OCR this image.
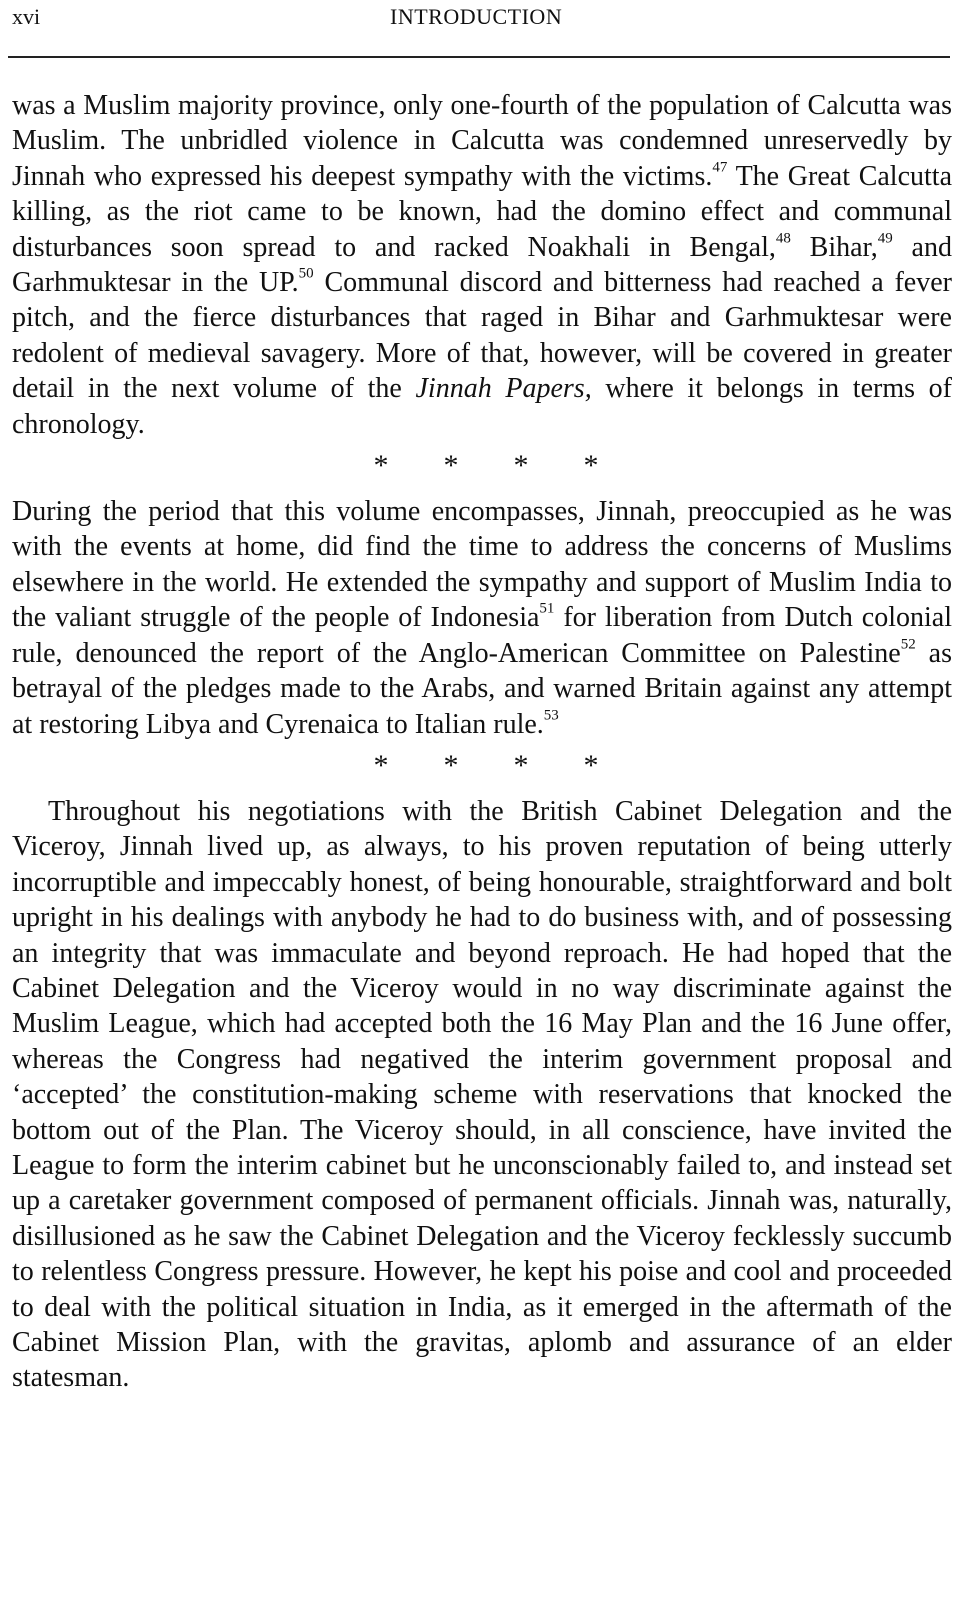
xvi	INTRODUCTION

was a Muslim majority province, only one-fourth of the population of Calcutta was Muslim. The unbridled violence in Calcutta was condemned unreservedly by Jinnah who expressed his deepest sympathy with the victims.$^{47}$ The Great Calcutta killing, as the riot came to be known, had the domino effect and communal disturbances soon spread to and racked Noakhali in Bengal,$^{48}$ Bihar,$^{49}$ and Garhmuktesar in the UP.$^{50}$ Communal discord and bitterness had reached a fever pitch, and the fierce disturbances that raged in Bihar and Garhmuktesar were redolent of medieval savagery. More of that, however, will be covered in greater detail in the next volume of the Jinnah Papers, where it belongs in terms of chronology.

* * * *

During the period that this volume encompasses, Jinnah, preoccupied as he was with the events at home, did find the time to address the concerns of Muslims elsewhere in the world. He extended the sympathy and support of Muslim India to the valiant struggle of the people of Indonesia$^{51}$ for liberation from Dutch colonial rule, denounced the report of the Anglo-American Committee on Palestine$^{52}$ as betrayal of the pledges made to the Arabs, and warned Britain against any attempt at restoring Libya and Cyrenaica to Italian rule.$^{53}$

* * * *

Throughout his negotiations with the British Cabinet Delegation and the Viceroy, Jinnah lived up, as always, to his proven reputation of being utterly incorruptible and impeccably honest, of being honourable, straightforward and bolt upright in his dealings with anybody he had to do business with, and of possessing an integrity that was immaculate and beyond reproach. He had hoped that the Cabinet Delegation and the Viceroy would in no way discriminate against the Muslim League, which had accepted both the 16 May Plan and the 16 June offer, whereas the Congress had negatived the interim government proposal and ‘accepted’ the constitution-making scheme with reservations that knocked the bottom out of the Plan. The Viceroy should, in all conscience, have invited the League to form the interim cabinet but he unconscionably failed to, and instead set up a caretaker government composed of permanent officials. Jinnah was, naturally, disillusioned as he saw the Cabinet Delegation and the Viceroy fecklessly succumb to relentless Congress pressure. However, he kept his poise and cool and proceeded to deal with the political situation in India, as it emerged in the aftermath of the Cabinet Mission Plan, with the gravitas, aplomb and assurance of an elder statesman.
